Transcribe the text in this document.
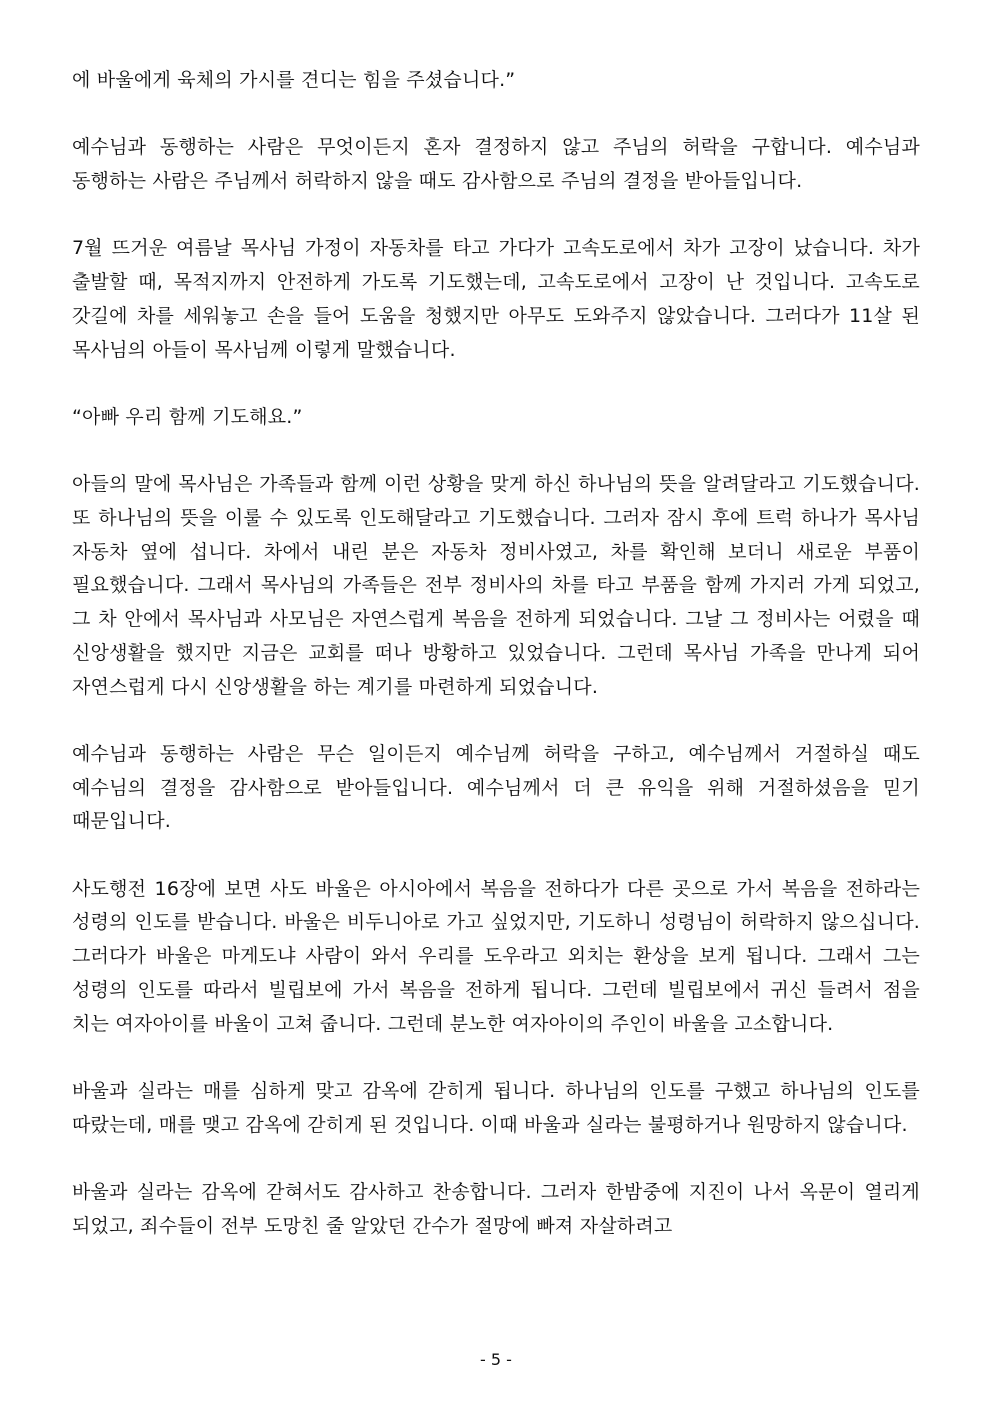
에 바울에게 육체의 가시를 견디는 힘을 주셨습니다.”

예수님과 동행하는 사람은 무엇이든지 혼자 결정하지 않고 주님의 허락을 구합니다. 예수님과 동행하는 사람은 주님께서 허락하지 않을 때도 감사함으로 주님의 결정을 받아들입니다.

7월 뜨거운 여름날 목사님 가정이 자동차를 타고 가다가 고속도로에서 차가 고장이 났습니다. 차가 출발할 때, 목적지까지 안전하게 가도록 기도했는데, 고속도로에서 고장이 난 것입니다. 고속도로 갓길에 차를 세워놓고 손을 들어 도움을 청했지만 아무도 도와주지 않았습니다. 그러다가 11살 된 목사님의 아들이 목사님께 이렇게 말했습니다.

“아빠 우리 함께 기도해요.”

아들의 말에 목사님은 가족들과 함께 이런 상황을 맞게 하신 하나님의 뜻을 알려달라고 기도했습니다. 또 하나님의 뜻을 이룰 수 있도록 인도해달라고 기도했습니다. 그러자 잠시 후에 트럭 하나가 목사님 자동차 옆에 섭니다. 차에서 내린 분은 자동차 정비사였고, 차를 확인해 보더니 새로운 부품이 필요했습니다. 그래서 목사님의 가족들은 전부 정비사의 차를 타고 부품을 함께 가지러 가게 되었고, 그 차 안에서 목사님과 사모님은 자연스럽게 복음을 전하게 되었습니다. 그날 그 정비사는 어렸을 때 신앙생활을 했지만 지금은 교회를 떠나 방황하고 있었습니다. 그런데 목사님 가족을 만나게 되어 자연스럽게 다시 신앙생활을 하는 계기를 마련하게 되었습니다.

예수님과 동행하는 사람은 무슨 일이든지 예수님께 허락을 구하고, 예수님께서 거절하실 때도 예수님의 결정을 감사함으로 받아들입니다. 예수님께서 더 큰 유익을 위해 거절하셨음을 믿기 때문입니다.

사도행전 16장에 보면 사도 바울은 아시아에서 복음을 전하다가 다른 곳으로 가서 복음을 전하라는 성령의 인도를 받습니다. 바울은 비두니아로 가고 싶었지만, 기도하니 성령님이 허락하지 않으십니다. 그러다가 바울은 마게도냐 사람이 와서 우리를 도우라고 외치는 환상을 보게 됩니다. 그래서 그는 성령의 인도를 따라서 빌립보에 가서 복음을 전하게 됩니다. 그런데 빌립보에서 귀신 들려서 점을 치는 여자아이를 바울이 고쳐 줍니다. 그런데 분노한 여자아이의 주인이 바울을 고소합니다.

바울과 실라는 매를 심하게 맞고 감옥에 갇히게 됩니다. 하나님의 인도를 구했고 하나님의 인도를 따랐는데, 매를 맺고 감옥에 갇히게 된 것입니다. 이때 바울과 실라는 불평하거나 원망하지 않습니다.

바울과 실라는 감옥에 갇혀서도 감사하고 찬송합니다. 그러자 한밤중에 지진이 나서 옥문이 열리게 되었고, 죄수들이 전부 도망친 줄 알았던 간수가 절망에 빠져 자살하려고

- 5 -
